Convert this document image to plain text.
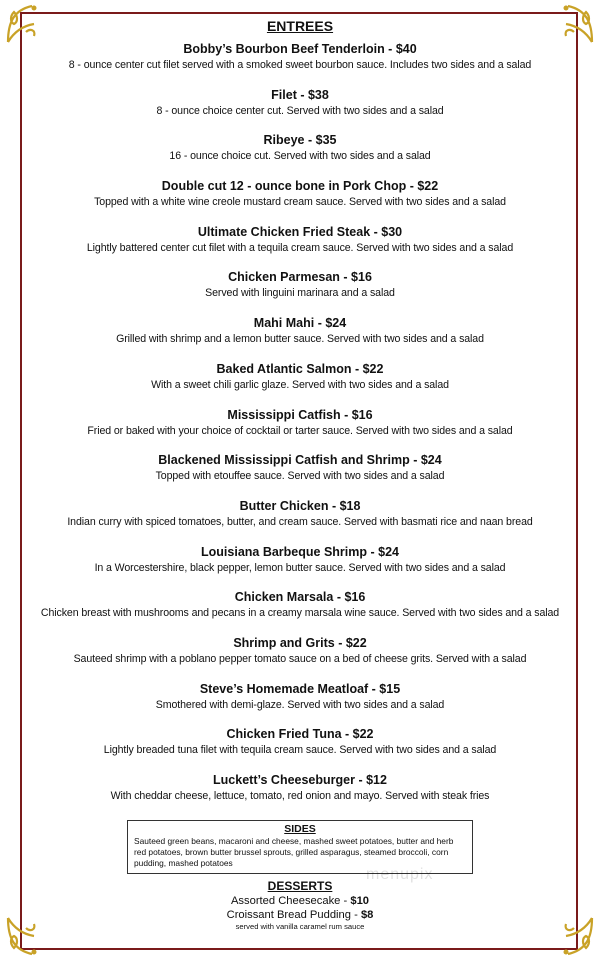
ENTREES
Bobby’s Bourbon Beef Tenderloin - $40
8 - ounce center cut filet served with a smoked sweet bourbon sauce. Includes two sides and a salad
Filet - $38
8 - ounce choice center cut. Served with two sides and a salad
Ribeye - $35
16 - ounce choice cut. Served with two sides and a salad
Double cut 12 - ounce bone in Pork Chop - $22
Topped with a white wine creole mustard cream sauce. Served with two sides and a salad
Ultimate Chicken Fried Steak - $30
Lightly battered center cut filet with a tequila cream sauce. Served with two sides and a salad
Chicken Parmesan - $16
Served with linguini marinara and a salad
Mahi Mahi - $24
Grilled with shrimp and a lemon butter sauce. Served with two sides and a salad
Baked Atlantic Salmon - $22
With a sweet chili garlic glaze. Served with two sides and a salad
Mississippi Catfish - $16
Fried or baked with your choice of cocktail or tarter sauce. Served with two sides and a salad
Blackened Mississippi Catfish and Shrimp - $24
Topped with etouffee sauce. Served with two sides and a salad
Butter Chicken - $18
Indian curry with spiced tomatoes, butter, and cream sauce. Served with basmati rice and naan bread
Louisiana Barbeque Shrimp - $24
In a Worcestershire, black pepper, lemon butter sauce. Served with two sides and a salad
Chicken Marsala - $16
Chicken breast with mushrooms and pecans in a creamy marsala wine sauce. Served with two sides and a salad
Shrimp and Grits - $22
Sauteed shrimp with a poblano pepper tomato sauce on a bed of cheese grits. Served with a salad
Steve’s Homemade Meatloaf - $15
Smothered with demi-glaze. Served with two sides and a salad
Chicken Fried Tuna - $22
Lightly breaded tuna filet with tequila cream sauce. Served with two sides and a salad
Luckett’s Cheeseburger - $12
With cheddar cheese, lettuce, tomato, red onion and mayo. Served with steak fries
SIDES
Sauteed green beans, macaroni and cheese, mashed sweet potatoes, butter and herb red potatoes, brown butter brussel sprouts, grilled asparagus, steamed broccoli, corn pudding, mashed potatoes
DESSERTS
Assorted Cheesecake - $10
Croissant Bread Pudding - $8
served with vanilla caramel rum sauce
menupix
